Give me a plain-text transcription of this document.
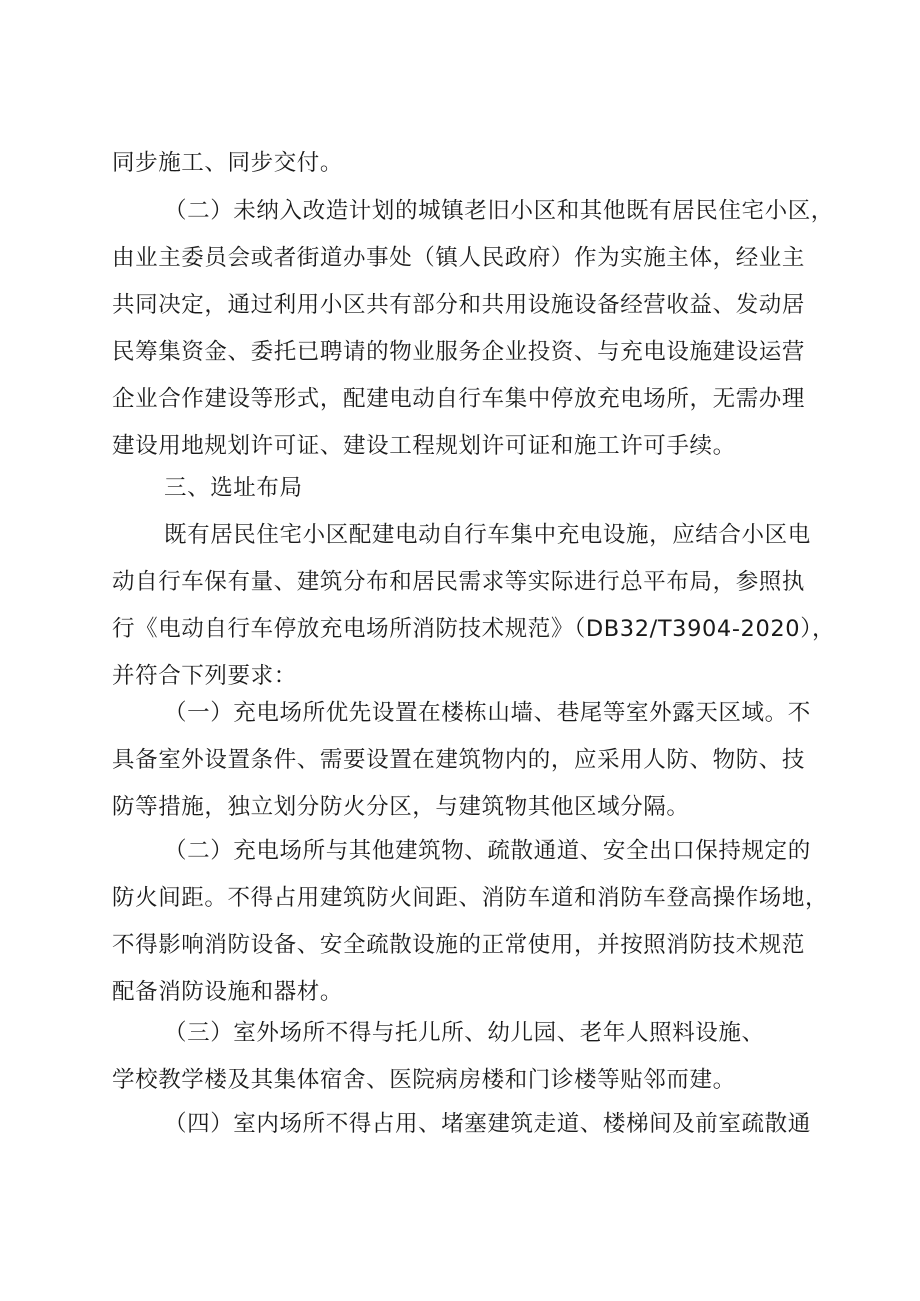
同步施工、同步交付。

（二）未纳入改造计划的城镇老旧小区和其他既有居民住宅小区，
由业主委员会或者街道办事处（镇人民政府）作为实施主体，经业主
共同决定，通过利用小区共有部分和共用设施设备经营收益、发动居
民筹集资金、委托已聘请的物业服务企业投资、与充电设施建设运营
企业合作建设等形式，配建电动自行车集中停放充电场所，无需办理
建设用地规划许可证、建设工程规划许可证和施工许可手续。

三、选址布局

既有居民住宅小区配建电动自行车集中充电设施，应结合小区电
动自行车保有量、建筑分布和居民需求等实际进行总平布局，参照执
行《电动自行车停放充电场所消防技术规范》（DB32/T3904-2020），
并符合下列要求：

（一）充电场所优先设置在楼栋山墙、巷尾等室外露天区域。不
具备室外设置条件、需要设置在建筑物内的，应采用人防、物防、技
防等措施，独立划分防火分区，与建筑物其他区域分隔。

（二）充电场所与其他建筑物、疏散通道、安全出口保持规定的
防火间距。不得占用建筑防火间距、消防车道和消防车登高操作场地，
不得影响消防设备、安全疏散设施的正常使用，并按照消防技术规范
配备消防设施和器材。

（三）室外场所不得与托儿所、幼儿园、老年人照料设施、
学校教学楼及其集体宿舍、医院病房楼和门诊楼等贴邻而建。

（四）室内场所不得占用、堵塞建筑走道、楼梯间及前室疏散通
